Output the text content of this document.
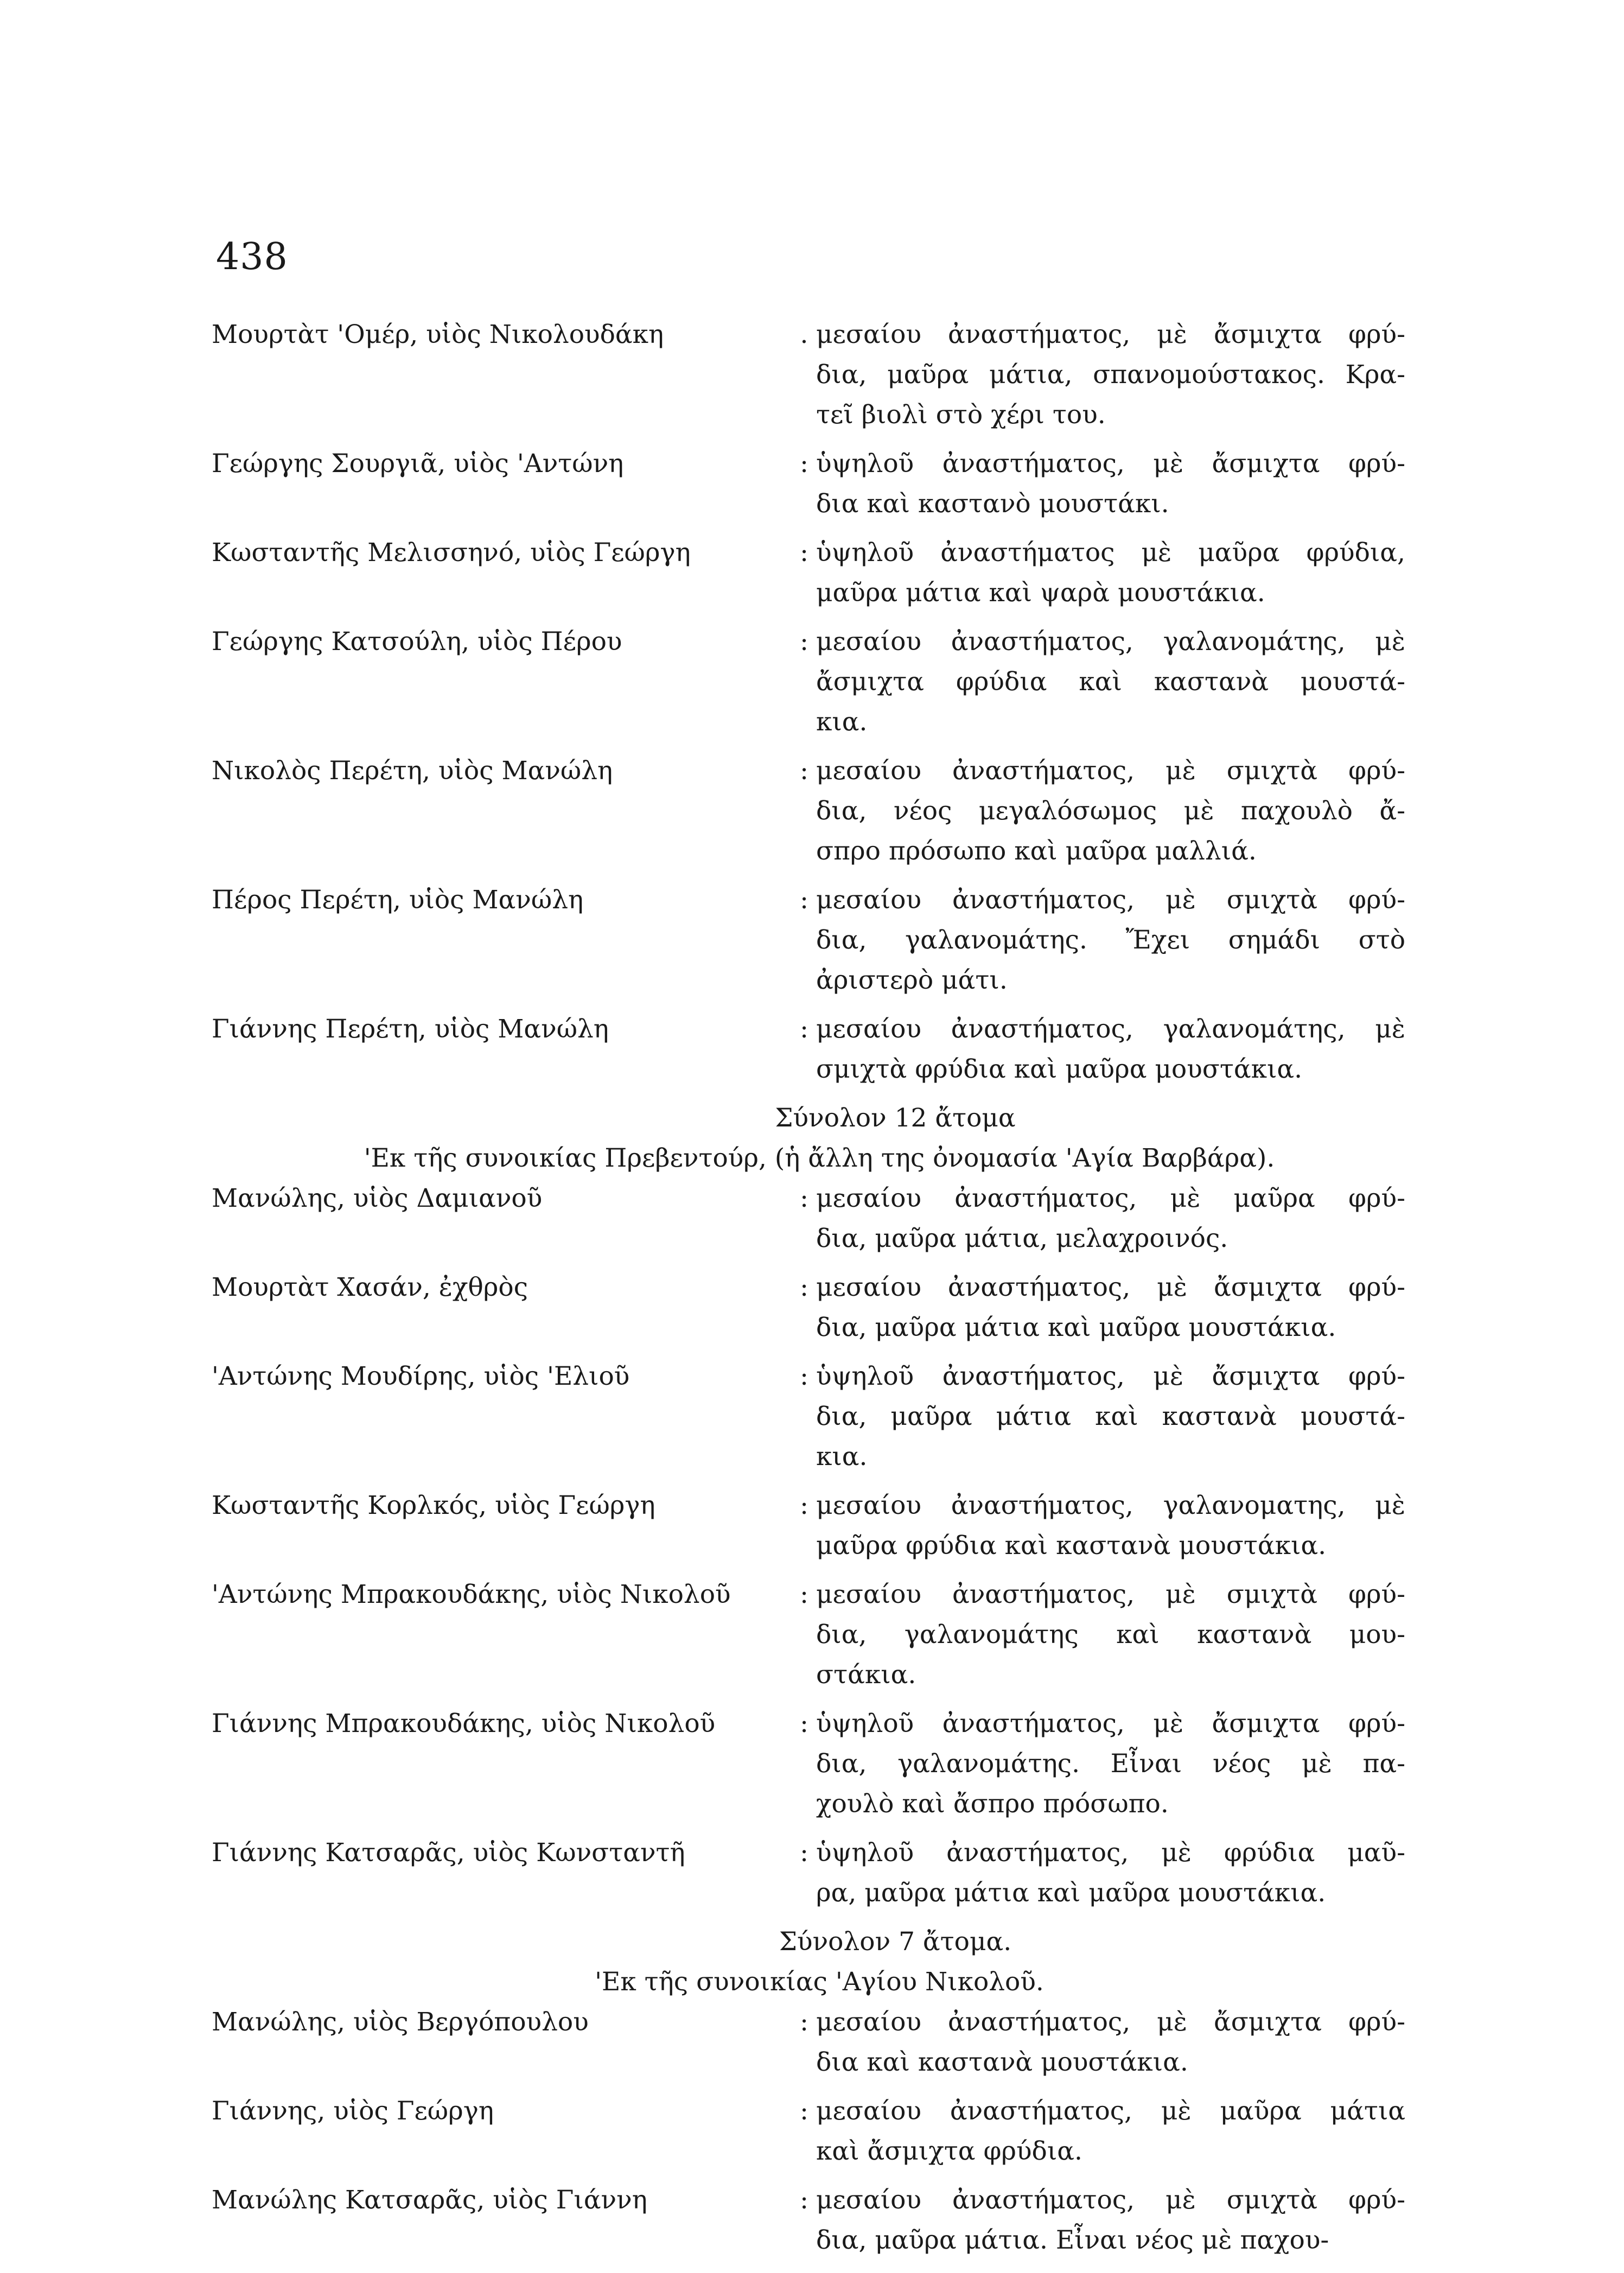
438
Μουρτὰτ 'Ομέρ, υἱὸς Νικολουδάκη	. μεσαίου ἀναστήματος, μὲ ἄσμιχτα φρύ-
δια, μαῦρα μάτια, σπανομούστακος. Κρα-
τεῖ βιολὶ στὸ χέρι του.
Γεώργης Σουργιᾶ, υἱὸς 'Αντώνη	: ὑψηλοῦ ἀναστήματος, μὲ ἄσμιχτα φρύ-
δια καὶ καστανὸ μουστάκι.
Κωσταντῆς Μελισσηνό, υἱὸς Γεώργη	: ὑψηλοῦ ἀναστήματος μὲ μαῦρα φρύδια,
μαῦρα μάτια καὶ ψαρὰ μουστάκια.
Γεώργης Κατσούλη, υἱὸς Πέρου	: μεσαίου ἀναστήματος, γαλανομάτης, μὲ
ἄσμιχτα φρύδια καὶ καστανὰ μουστά-
κια.
Νικολὸς Περέτη, υἱὸς Μανώλη	: μεσαίου ἀναστήματος, μὲ σμιχτὰ φρύ-
δια, νέος μεγαλόσωμος μὲ παχουλὸ ἄ-
σπρο πρόσωπο καὶ μαῦρα μαλλιά.
Πέρος Περέτη, υἱὸς Μανώλη	: μεσαίου ἀναστήματος, μὲ σμιχτὰ φρύ-
δια, γαλανομάτης. Ἔχει σημάδι στὸ
ἀριστερὸ μάτι.
Γιάννης Περέτη, υἱὸς Μανώλη	: μεσαίου ἀναστήματος, γαλανομάτης, μὲ
σμιχτὰ φρύδια καὶ μαῦρα μουστάκια.
Σύνολον 12 ἄτομα
'Εκ τῆς συνοικίας Πρεβεντούρ, (ἡ ἄλλη της ὀνομασία 'Αγία Βαρβάρα).
Μανώλης, υἱὸς Δαμιανοῦ	: μεσαίου ἀναστήματος, μὲ μαῦρα φρύ-
δια, μαῦρα μάτια, μελαχροινός.
Μουρτὰτ Χασάν, ἐχθρὸς	: μεσαίου ἀναστήματος, μὲ ἄσμιχτα φρύ-
δια, μαῦρα μάτια καὶ μαῦρα μουστάκια.
'Αντώνης Μουδίρης, υἱὸς 'Ελιοῦ	: ὑψηλοῦ ἀναστήματος, μὲ ἄσμιχτα φρύ-
δια, μαῦρα μάτια καὶ καστανὰ μουστά-
κια.
Κωσταντῆς Κορλκός, υἱὸς Γεώργη	: μεσαίου ἀναστήματος, γαλανοματης, μὲ
μαῦρα φρύδια καὶ καστανὰ μουστάκια.
'Αντώνης Μπρακουδάκης, υἱὸς Νικολοῦ	: μεσαίου ἀναστήματος, μὲ σμιχτὰ φρύ-
δια, γαλανομάτης καὶ καστανὰ μου-
στάκια.
Γιάννης Μπρακουδάκης, υἱὸς Νικολοῦ	: ὑψηλοῦ ἀναστήματος, μὲ ἄσμιχτα φρύ-
δια, γαλανομάτης. Εἶναι νέος μὲ πα-
χουλὸ καὶ ἄσπρο πρόσωπο.
Γιάννης Κατσαρᾶς, υἱὸς Κωνσταντῆ	: ὑψηλοῦ ἀναστήματος, μὲ φρύδια μαῦ-
ρα, μαῦρα μάτια καὶ μαῦρα μουστάκια.
Σύνολον 7 ἄτομα.
'Εκ τῆς συνοικίας 'Αγίου Νικολοῦ.
Μανώλης, υἱὸς Βεργόπουλου	: μεσαίου ἀναστήματος, μὲ ἄσμιχτα φρύ-
δια καὶ καστανὰ μουστάκια.
Γιάννης, υἱὸς Γεώργη	: μεσαίου ἀναστήματος, μὲ μαῦρα μάτια
καὶ ἄσμιχτα φρύδια.
Μανώλης Κατσαρᾶς, υἱὸς Γιάννη	: μεσαίου ἀναστήματος, μὲ σμιχτὰ φρύ-
δια, μαῦρα μάτια. Εἶναι νέος μὲ παχου-
